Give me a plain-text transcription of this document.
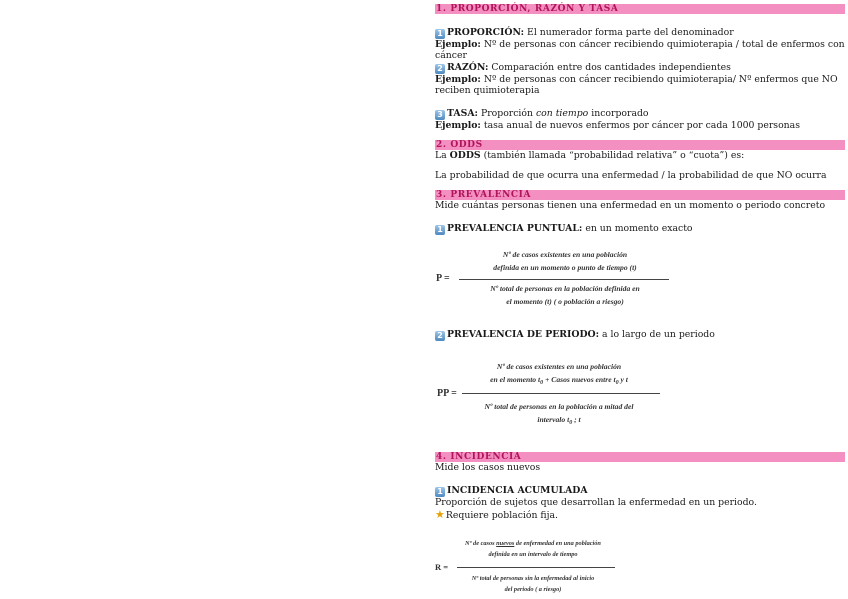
1. PROPORCIÓN, RAZÓN Y TASA
1 PROPORCIÓN: El numerador forma parte del denominador
Ejemplo: Nº de personas con cáncer recibiendo quimioterapia / total de enfermos con cáncer
2 RAZÓN: Comparación entre dos cantidades independientes
Ejemplo: Nº de personas con cáncer recibiendo quimioterapia/ Nº enfermos que NO reciben quimioterapia
3 TASA: Proporción con tiempo incorporado
Ejemplo: tasa anual de nuevos enfermos por cáncer por cada 1000 personas
2. ODDS
La ODDS (también llamada “probabilidad relativa” o “cuota”) es:
La probabilidad de que ocurra una enfermedad / la probabilidad de que NO ocurra
3. PREVALENCIA
Mide cuántas personas tienen una enfermedad en un momento o periodo concreto
1 PREVALENCIA PUNTUAL: en un momento exacto
P =
Nº de casos existentes en una población
definida en un momento o punto de tiempo (t)
Nº total de personas en la población definida en
el momento (t) ( o población a riesgo)
2 PREVALENCIA DE PERIODO: a lo largo de un periodo
PP =
Nº de casos existentes en una población
en el momento $t_0$ + Casos nuevos entre $t_0$ y t
Nº total de personas en la población a mitad del
intervalo $t_0$ ; t
4. INCIDENCIA
Mide los casos nuevos
1 INCIDENCIA ACUMULADA
Proporción de sujetos que desarrollan la enfermedad en un periodo.
★Requiere población fija.
R =
Nº de casos nuevos de enfermedad en una población
definida en un intervalo de tiempo
Nº total de personas sin la enfermedad al inicio
del periodo ( a riesgo)
